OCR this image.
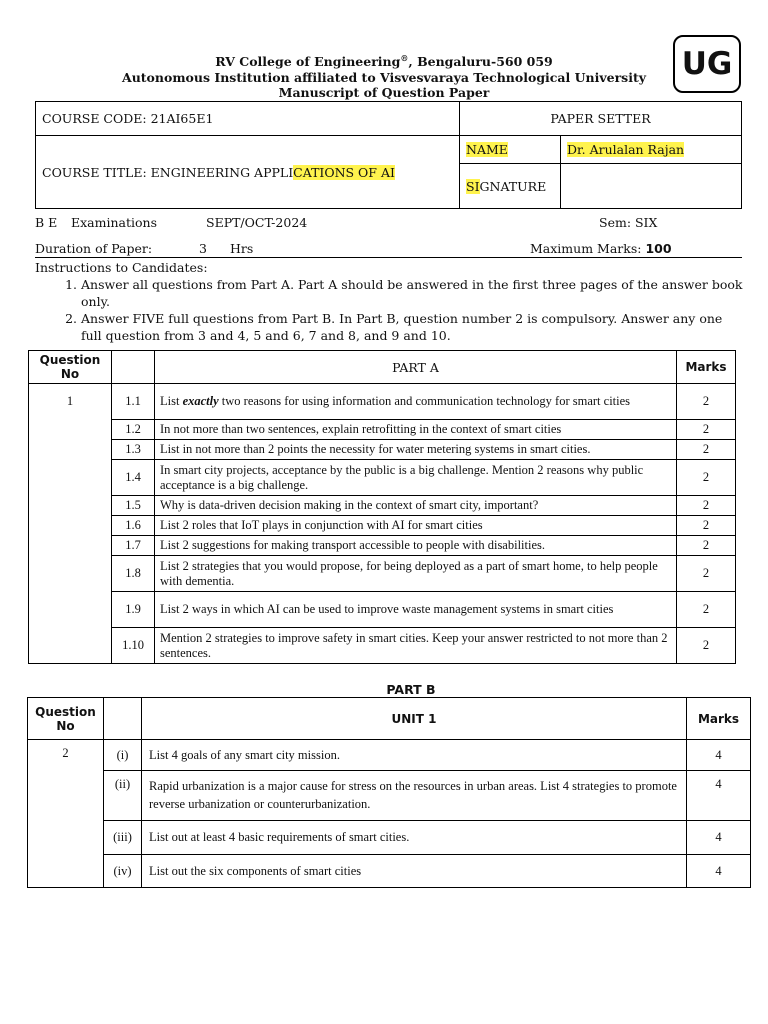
RV College of Engineering®, Bengaluru-560 059
Autonomous Institution affiliated to Visvesvaraya Technological University
Manuscript of Question Paper
UG
COURSE CODE: 21AI65E1	PAPER SETTER	
COURSE TITLE: ENGINEERING APPLICATIONS OF AI	NAME	Dr. Arulalan Rajan
	SIGNATURE	
B E Examinations	SEPT/OCT-2024	Sem: SIX
Duration of Paper:	3 Hrs	Maximum Marks: 100
Instructions to Candidates:
1. Answer all questions from Part A. Part A should be answered in the first three pages of the answer book only.
2. Answer FIVE full questions from Part B. In Part B, question number 2 is compulsory. Answer any one full question from 3 and 4, 5 and 6, 7 and 8, and 9 and 10.
Question No		PART A	Marks
1	1.1	List exactly two reasons for using information and communication technology for smart cities	2
	1.2	In not more than two sentences, explain retrofitting in the context of smart cities	2
	1.3	List in not more than 2 points the necessity for water metering systems in smart cities.	2
	1.4	In smart city projects, acceptance by the public is a big challenge. Mention 2 reasons why public acceptance is a big challenge.	2
	1.5	Why is data-driven decision making in the context of smart city, important?	2
	1.6	List 2 roles that IoT plays in conjunction with AI for smart cities	2
	1.7	List 2 suggestions for making transport accessible to people with disabilities.	2
	1.8	List 2 strategies that you would propose, for being deployed as a part of smart home, to help people with dementia.	2
	1.9	List 2 ways in which AI can be used to improve waste management systems in smart cities	2
	1.10	Mention 2 strategies to improve safety in smart cities. Keep your answer restricted to not more than 2 sentences.	2
PART B
Question No		UNIT 1	Marks
2	(i)	List 4 goals of any smart city mission.	4
	(ii)	Rapid urbanization is a major cause for stress on the resources in urban areas. List 4 strategies to promote reverse urbanization or counterurbanization.	4
	(iii)	List out at least 4 basic requirements of smart cities.	4
	(iv)	List out the six components of smart cities	4
